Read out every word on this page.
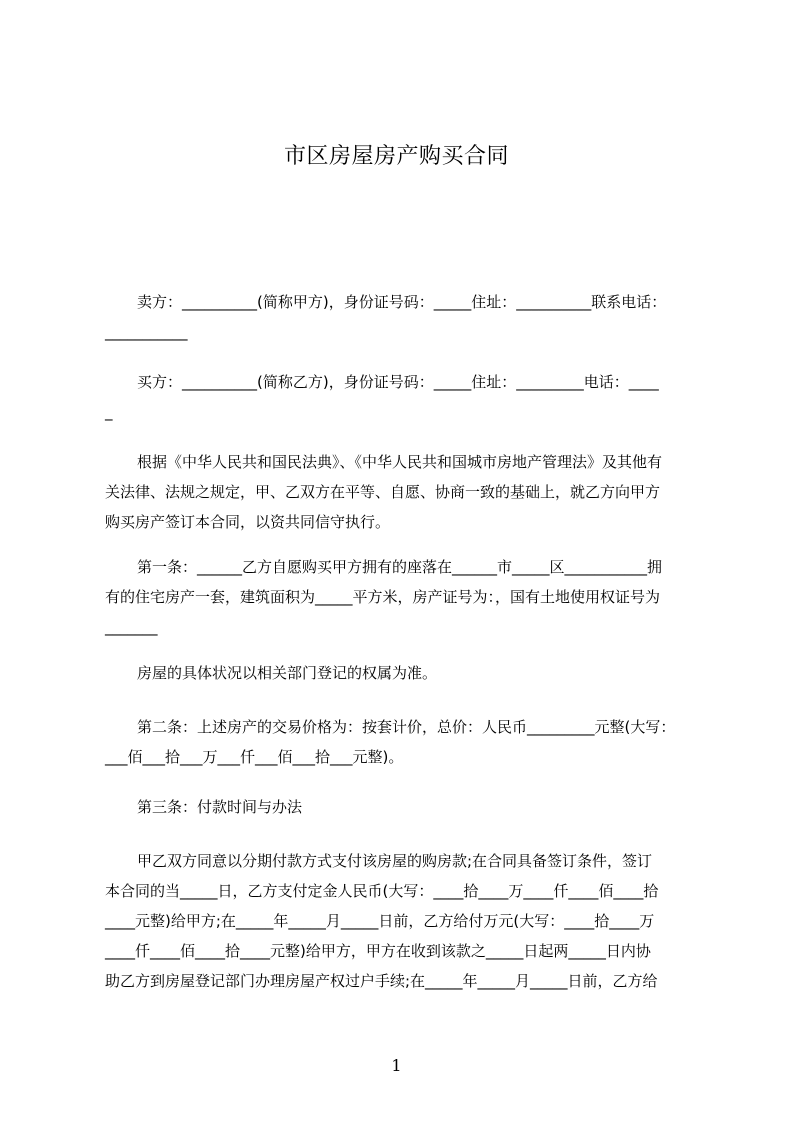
市区房屋房产购买合同
卖方：__________(简称甲方)，身份证号码：_____住址：__________联系电话：
___________
买方：__________(简称乙方)，身份证号码：_____住址：_________电话：____
_
根据《中华人民共和国民法典》、《中华人民共和国城市房地产管理法》及其他有
关法律、法规之规定，甲、乙双方在平等、自愿、协商一致的基础上，就乙方向甲方
购买房产签订本合同，以资共同信守执行。
第一条：______乙方自愿购买甲方拥有的座落在______市_____区___________拥
有的住宅房产一套，建筑面积为_____平方米，房产证号为：，国有土地使用权证号为
_______
房屋的具体状况以相关部门登记的权属为准。
第二条：上述房产的交易价格为：按套计价，总价：人民币_________元整(大写：
___佰___拾___万___仟___佰___拾___元整)。
第三条：付款时间与办法
甲乙双方同意以分期付款方式支付该房屋的购房款;在合同具备签订条件，签订
本合同的当_____日，乙方支付定金人民币(大写：____拾____万____仟____佰____拾
____元整)给甲方;在_____年_____月_____日前，乙方给付万元(大写：____拾____万
____仟____佰____拾____元整)给甲方，甲方在收到该款之_____日起两_____日内协
助乙方到房屋登记部门办理房屋产权过户手续;在_____年_____月_____日前，乙方给
1
